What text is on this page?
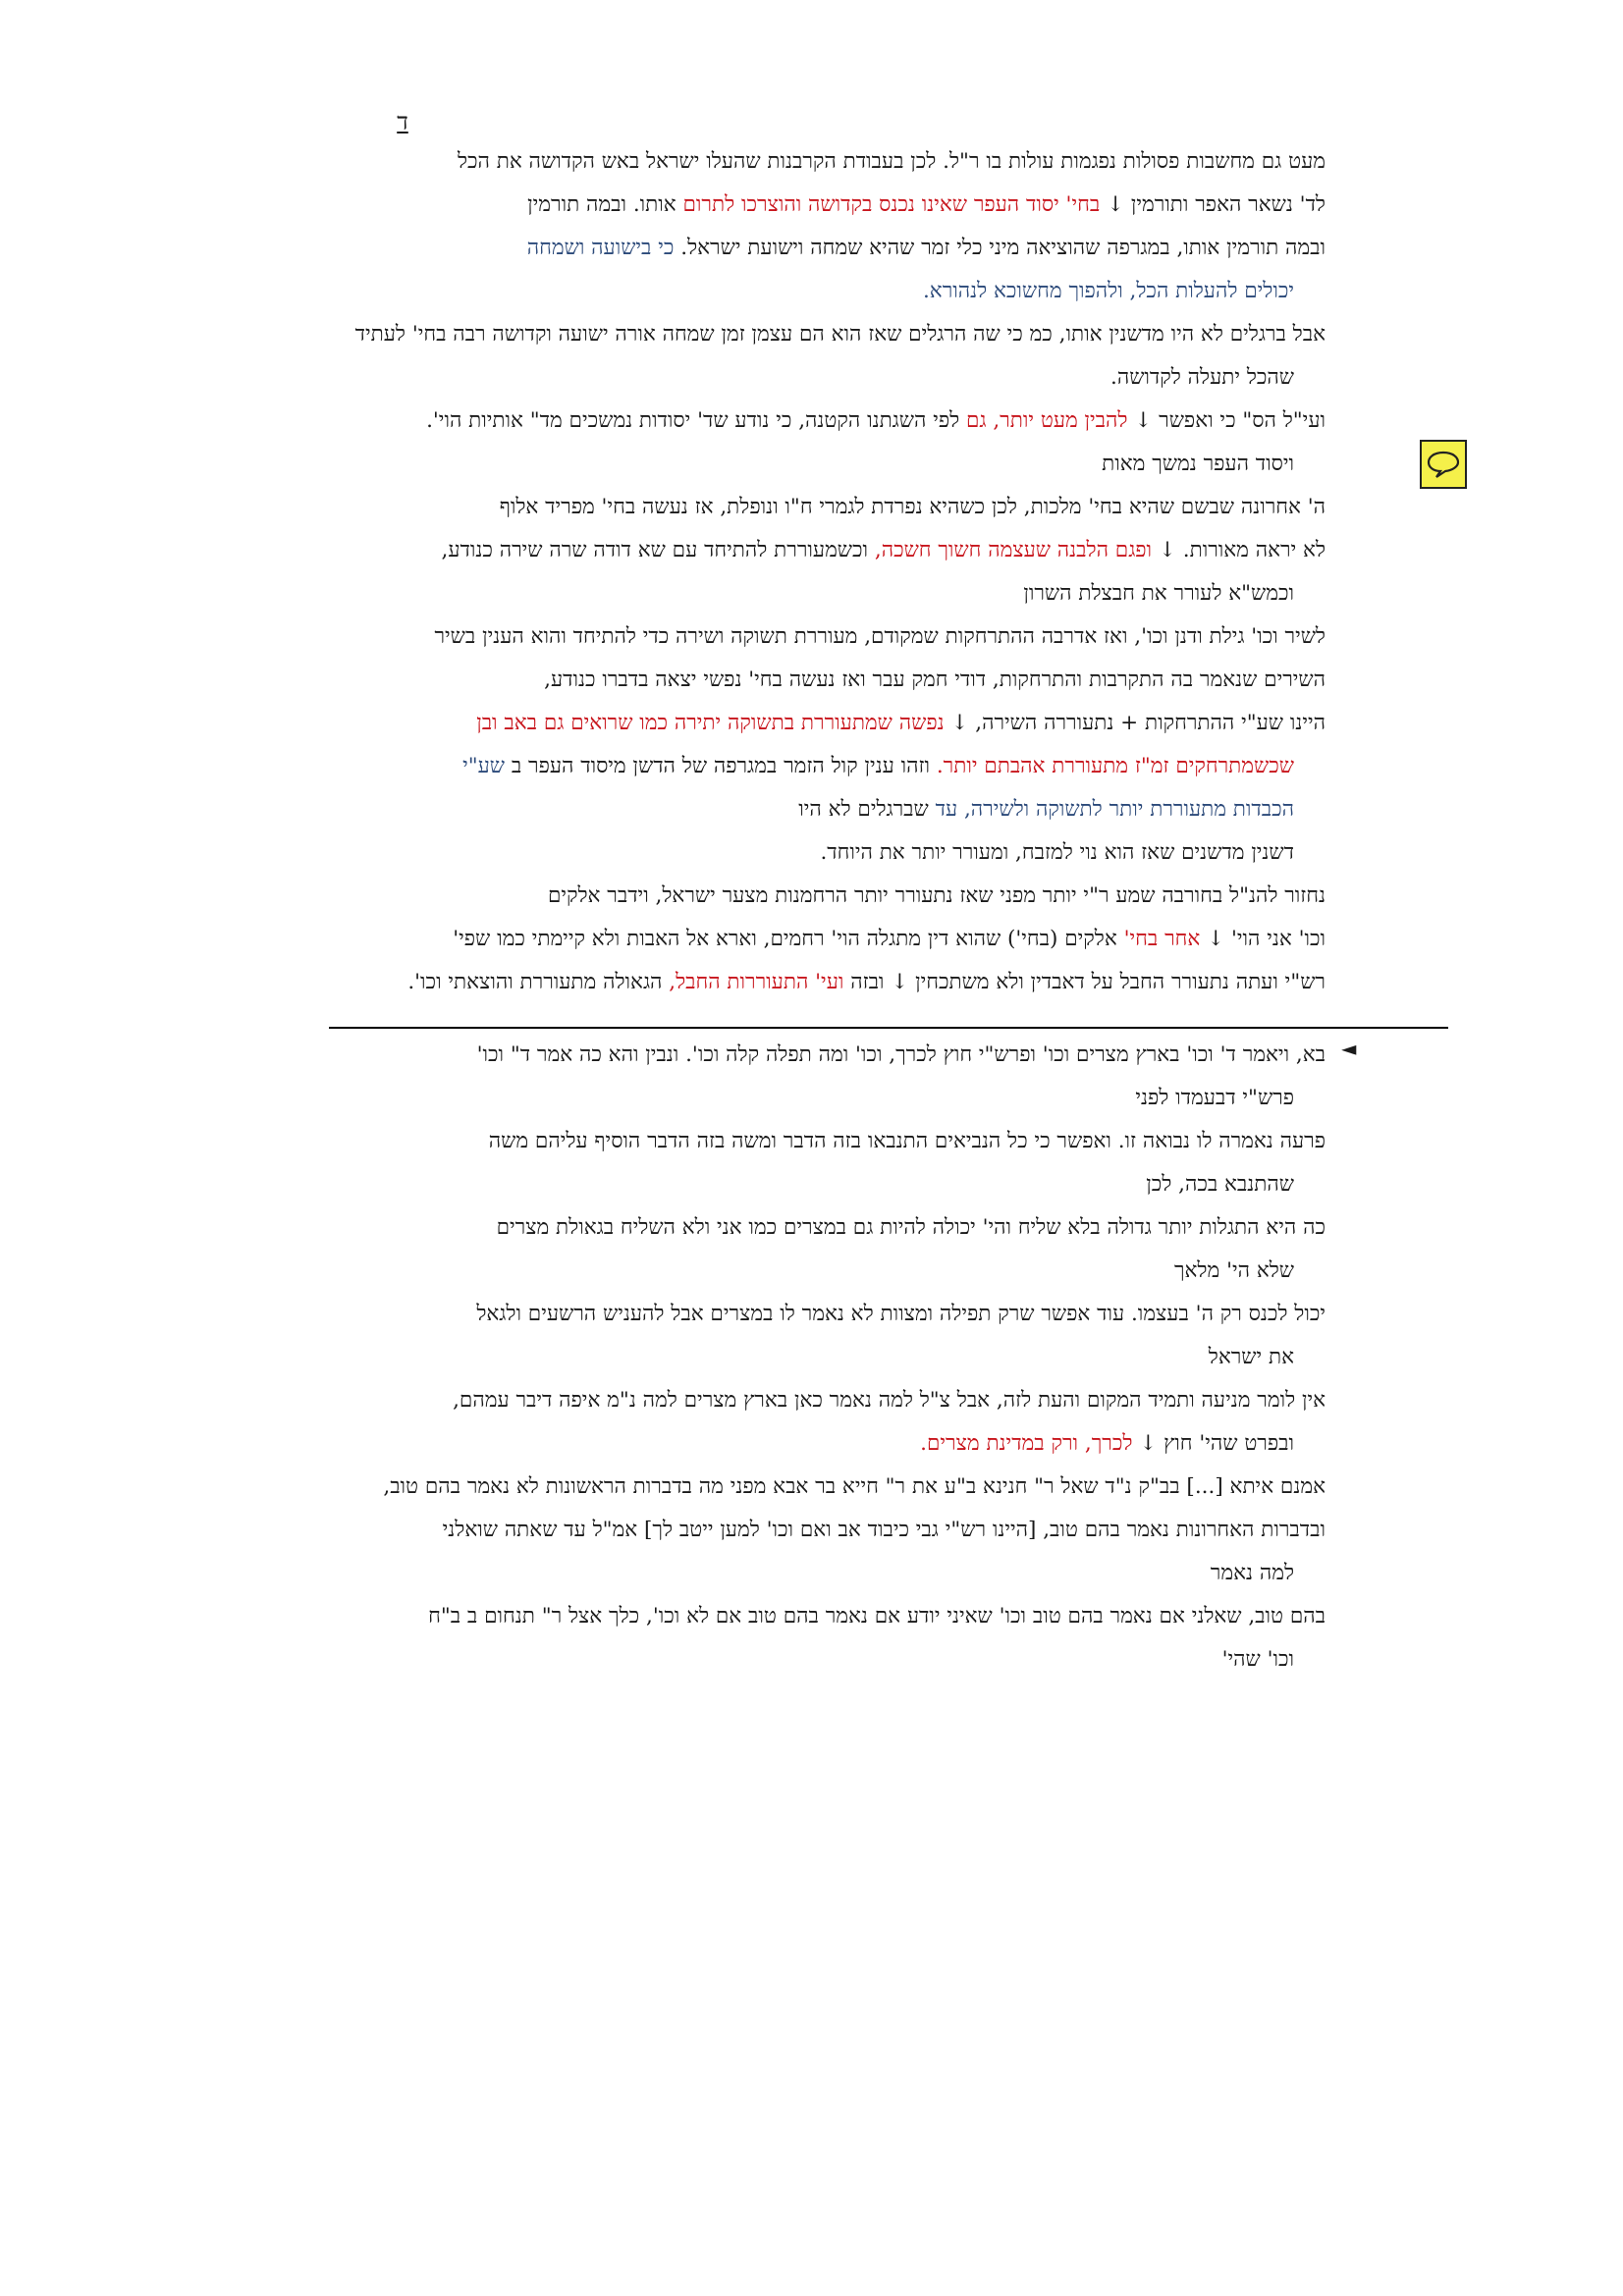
ד
מעט גם מחשבות פסולות נפגמות עולות בו ר"ל. לכן בעבודת הקרבנות שהעלו ישראל באש הקדושה את הכל
לד' נשאר האפר ותורמין ↓ בחי' יסוד העפר שאינו נכנס בקדושה והוצרכו לתרום אותו. ובמה תורמין
ובמה תורמין אותו, במגרפה שהוציאה מיני כלי זמר שהיא שמחה וישועת ישראל. כי בישועה ושמחה
יכולים להעלות הכל, ולהפוך מחשוכא לנהורא.
אבל ברגלים לא היו מדשנין אותו, כמ כי שה הרגלים שאז הוא הם עצמן זמן שמחה אורה ישועה וקדושה רבה בחי' לעתיד
שהכל יתעלה לקדושה.
ועי"ל הס" כי ואפשר ↓ להבין מעט יותר, גם לפי השגתנו הקטנה, כי נודע שד' יסודות נמשכים מד" אותיות הוי'.
ויסוד העפר נמשך מאות
ה' אחרונה שבשם שהיא בחי' מלכות, לכן כשהיא נפרדת לגמרי ח"ו ונופלת, אז נעשה בחי' מפריד אלוף
לא יראה מאורות. ↓ ופגם הלבנה שעצמה חשוך חשכה, וכשמעוררת להתיחד עם שא דודה שרה שירה כנודע,
וכמש"א לעורר את חבצלת השרון
לשיר וכו' גילת ודנן וכו', ואז אדרבה ההתרחקות שמקודם, מעוררת תשוקה ושירה כדי להתיחד והוא הענין בשיר
השירים שנאמר בה התקרבות והתרחקות, דודי חמק עבר ואז נעשה בחי' נפשי יצאה בדברו כנודע,
היינו שע"י ההתרחקות + נתעוררה השירה, ↓ נפשה שמתעוררת בתשוקה יתירה כמו שרואים גם באב ובן
שכשמתרחקים זמ"ז מתעוררת אהבתם יותר. וזהו ענין קול הזמר במגרפה של הדשן מיסוד העפר ב שע"י
הכבדות מתעוררת יותר לתשוקה ולשירה, עד שברגלים לא היו
דשנין מדשנים שאז הוא נוי למזבח, ומעורר יותר את היוחד.
נחזור להנ"ל בחורבה שמע ר"י יותר מפני שאז נתעורר יותר הרחמנות מצער ישראל, וידבר אלקים
וכו' אני הוי' ↓ אחר בחי' אלקים (בחי') שהוא דין מתגלה הוי' רחמים, וארא אל האבות ולא קיימתי כמו שפי'
רש"י ועתה נתעורר החבל על דאבדין ולא משתכחין ↓ ובזה ועי' התעוררות החבל, הגאולה מתעוררת והוצאתי וכו'.
◄
בא, ויאמר ד' וכו' בארץ מצרים וכו' ופרש"י חוץ לכרך, וכו' ומה תפלה קלה וכו'. ונבין והא כה אמר ד" וכו'
פרש"י דבעמדו לפני
פרעה נאמרה לו נבואה זו. ואפשר כי כל הנביאים התנבאו בזה הדבר ומשה בזה הדבר הוסיף עליהם משה
שהתנבא בכה, לכן
כה היא התגלות יותר גדולה בלא שליח והי' יכולה להיות גם במצרים כמו אני ולא השליח בגאולת מצרים
שלא הי' מלאך
יכול לכנס רק ה' בעצמו. עוד אפשר שרק תפילה ומצוות לא נאמר לו במצרים אבל להעניש הרשעים ולגאל
את ישראל
אין לומר מניעה ותמיד המקום והעת לזה, אבל צ"ל למה נאמר כאן בארץ מצרים למה נ"מ איפה דיבר עמהם,
ובפרט שהי' חוץ ↓ לכרך, ורק במדינת מצרים.
אמנם איתא [...] בב"ק נ"ד שאל ר" חנינא ב"ע את ר" חייא בר אבא מפני מה בדברות הראשונות לא נאמר בהם טוב,
ובדברות האחרונות נאמר בהם טוב, [היינו רש"י גבי כיבוד אב ואם וכו' למען ייטב לך] אמ"ל עד שאתה שואלני
למה נאמר
בהם טוב, שאלני אם נאמר בהם טוב וכו' שאיני יודע אם נאמר בהם טוב אם לא וכו', כלך אצל ר" תנחום ב ב"ח
וכו' שהי'
